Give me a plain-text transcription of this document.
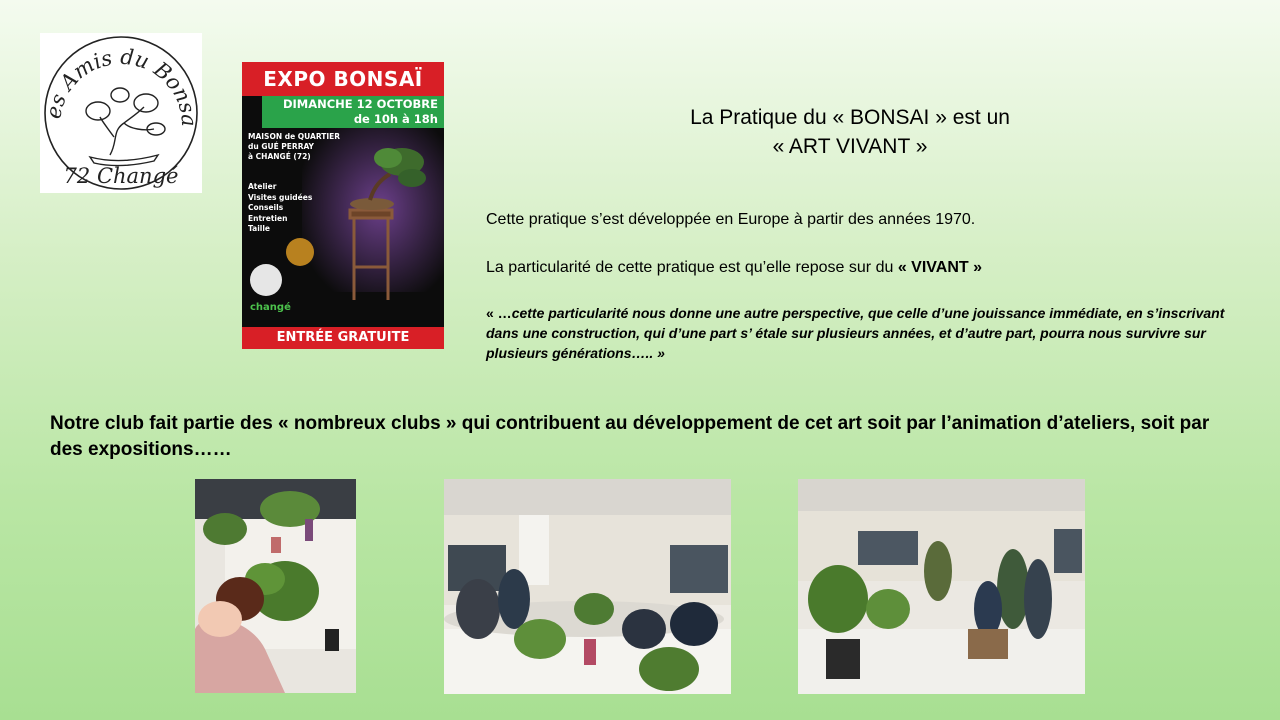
es Amis du Bonsa
72 Changé
EXPO BONSAÏ
DIMANCHE 12 OCTOBRE
de 10h à 18h
MAISON de QUARTIER
du GUÉ PERRAY
à CHANGÉ (72)
Atelier
Visites guidées
Conseils
Entretien
Taille
changé
ENTRÉE GRATUITE
La Pratique du « BONSAI » est un
« ART VIVANT »
Cette pratique s’est développée en Europe à partir des années 1970.
La particularité de cette pratique est qu’elle repose sur du « VIVANT »
« …cette particularité nous donne une autre perspective, que celle d’une jouissance immédiate, en s’inscrivant dans une construction, qui d’une part s’ étale sur plusieurs années, et d’autre part, pourra nous survivre sur plusieurs générations….. »
Notre club fait partie des « nombreux clubs » qui contribuent au développement de cet art soit par l’animation d’ateliers, soit par des expositions……
